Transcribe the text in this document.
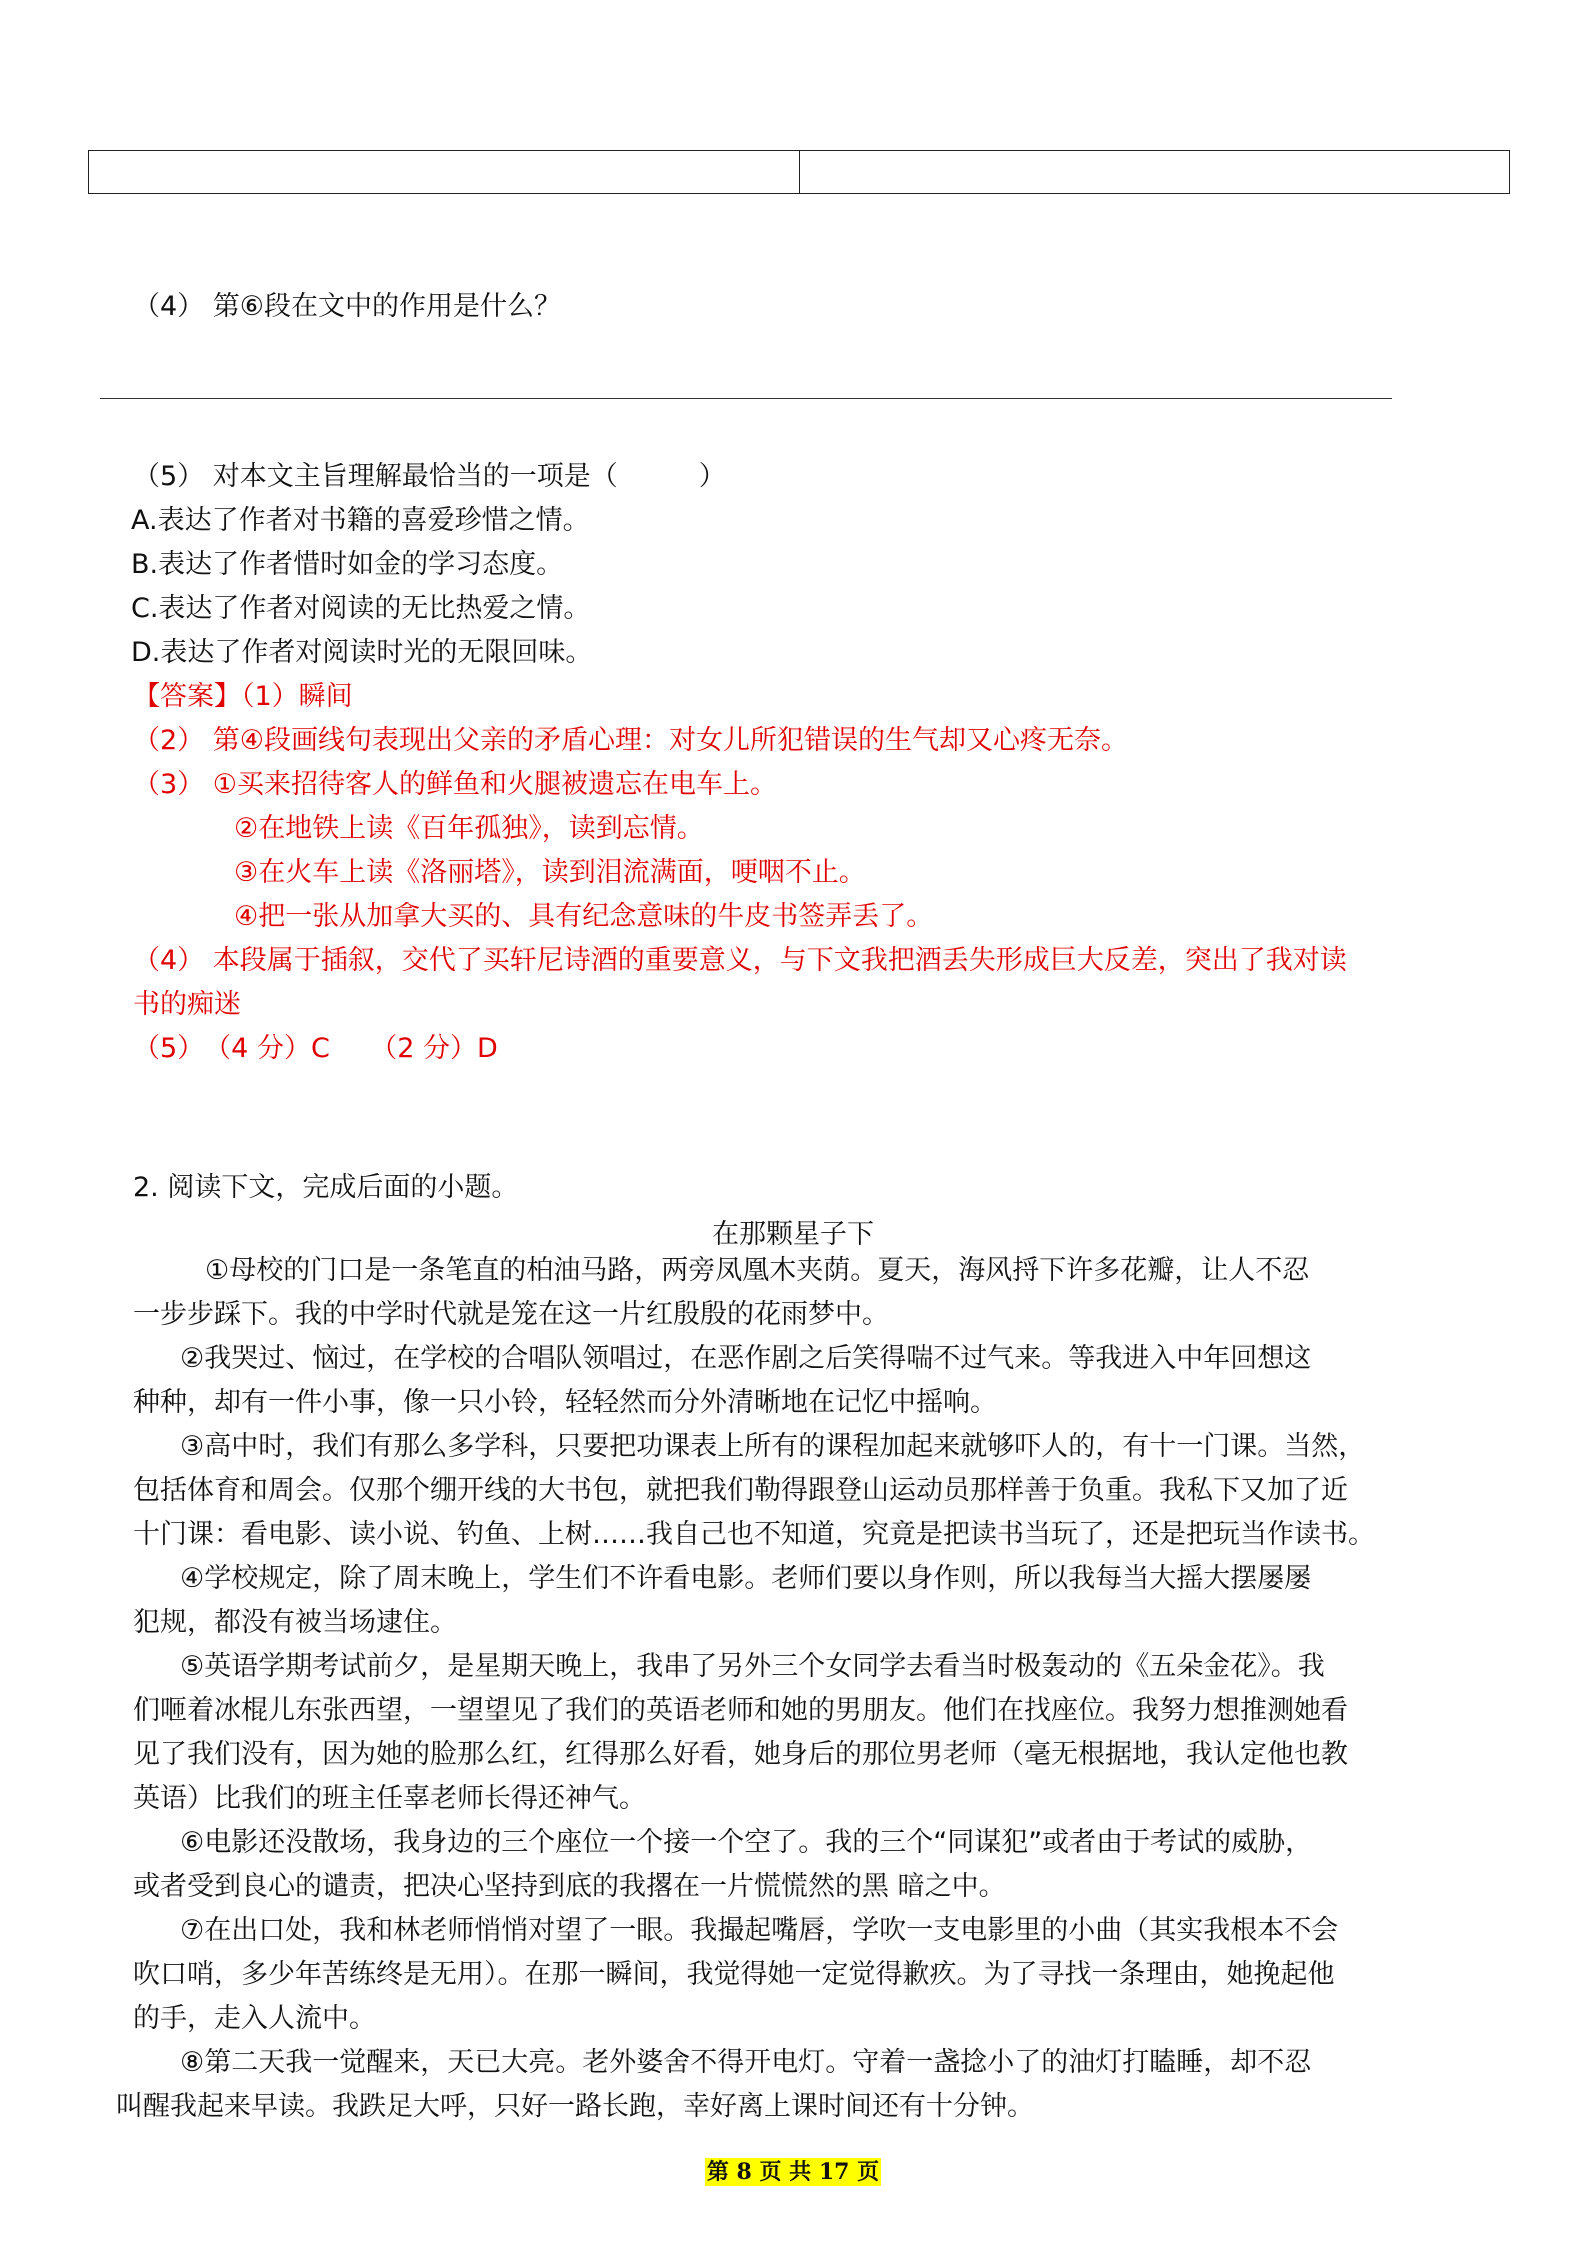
（4） 第⑥段在文中的作用是什么？
（5） 对本文主旨理解最恰当的一项是（　　　）
A.表达了作者对书籍的喜爱珍惜之情。
B.表达了作者惜时如金的学习态度。
C.表达了作者对阅读的无比热爱之情。
D.表达了作者对阅读时光的无限回味。
【答案】（1）瞬间
（2） 第④段画线句表现出父亲的矛盾心理：对女儿所犯错误的生气却又心疼无奈。
（3） ①买来招待客人的鲜鱼和火腿被遗忘在电车上。
②在地铁上读《百年孤独》，读到忘情。
③在火车上读《洛丽塔》，读到泪流满面，哽咽不止。
④把一张从加拿大买的、具有纪念意味的牛皮书签弄丢了。
（4） 本段属于插叙，交代了买轩尼诗酒的重要意义，与下文我把酒丢失形成巨大反差，突出了我对读
书的痴迷
（5）　（4 分）C　　（2 分）D
2. 阅读下文，完成后面的小题。
在那颗星子下
①母校的门口是一条笔直的柏油马路，两旁凤凰木夹荫。夏天，海风捋下许多花瓣，让人不忍
一步步踩下。我的中学时代就是笼在这一片红殷殷的花雨梦中。
②我哭过、恼过，在学校的合唱队领唱过，在恶作剧之后笑得喘不过气来。等我进入中年回想这
种种，却有一件小事，像一只小铃，轻轻然而分外清晰地在记忆中摇响。
③高中时，我们有那么多学科，只要把功课表上所有的课程加起来就够吓人的，有十一门课。当然，
包括体育和周会。仅那个绷开线的大书包，就把我们勒得跟登山运动员那样善于负重。我私下又加了近
十门课：看电影、读小说、钓鱼、上树……我自己也不知道，究竟是把读书当玩了，还是把玩当作读书。
④学校规定，除了周末晚上，学生们不许看电影。老师们要以身作则，所以我每当大摇大摆屡屡
犯规，都没有被当场逮住。
⑤英语学期考试前夕，是星期天晚上，我串了另外三个女同学去看当时极轰动的《五朵金花》。我
们咂着冰棍儿东张西望，一望望见了我们的英语老师和她的男朋友。他们在找座位。我努力想推测她看
见了我们没有，因为她的脸那么红，红得那么好看，她身后的那位男老师（毫无根据地，我认定他也教
英语）比我们的班主任辜老师长得还神气。
⑥电影还没散场，我身边的三个座位一个接一个空了。我的三个“同谋犯”或者由于考试的威胁，
或者受到良心的谴责，把决心坚持到底的我撂在一片慌慌然的黑 暗之中。
⑦在出口处，我和林老师悄悄对望了一眼。我撮起嘴唇，学吹一支电影里的小曲（其实我根本不会
吹口哨，多少年苦练终是无用）。在那一瞬间，我觉得她一定觉得歉疚。为了寻找一条理由，她挽起他
的手，走入人流中。
⑧第二天我一觉醒来，天已大亮。老外婆舍不得开电灯。守着一盏捻小了的油灯打瞌睡，却不忍
叫醒我起来早读。我跌足大呼，只好一路长跑，幸好离上课时间还有十分钟。
第 8 页 共 17 页
